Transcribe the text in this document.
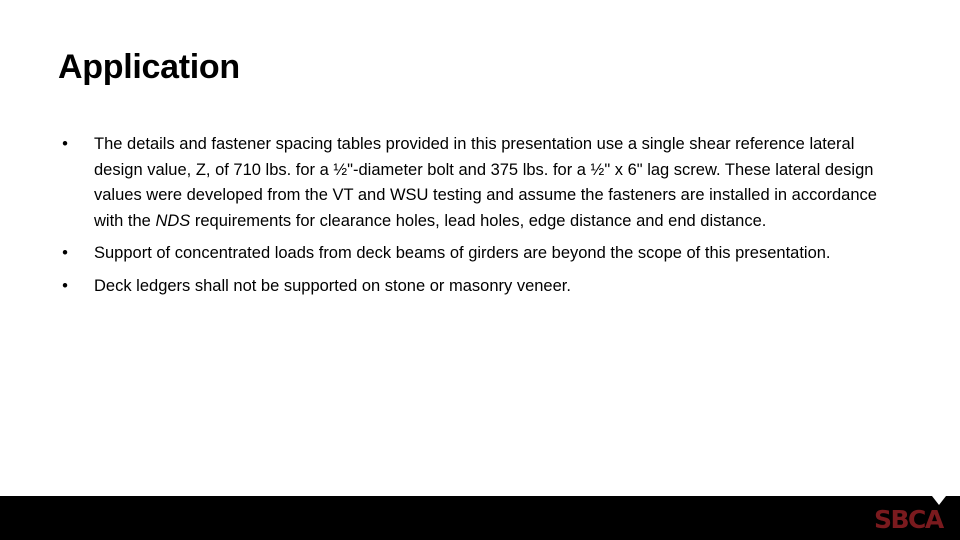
Application
• The details and fastener spacing tables provided in this presentation use a single shear reference lateral design value, Z, of 710 lbs. for a ½"-diameter bolt and 375 lbs. for a ½" x 6" lag screw. These lateral design values were developed from the VT and WSU testing and assume the fasteners are installed in accordance with the NDS requirements for clearance holes, lead holes, edge distance and end distance.
• Support of concentrated loads from deck beams of girders are beyond the scope of this presentation.
• Deck ledgers shall not be supported on stone or masonry veneer.
SBCA
